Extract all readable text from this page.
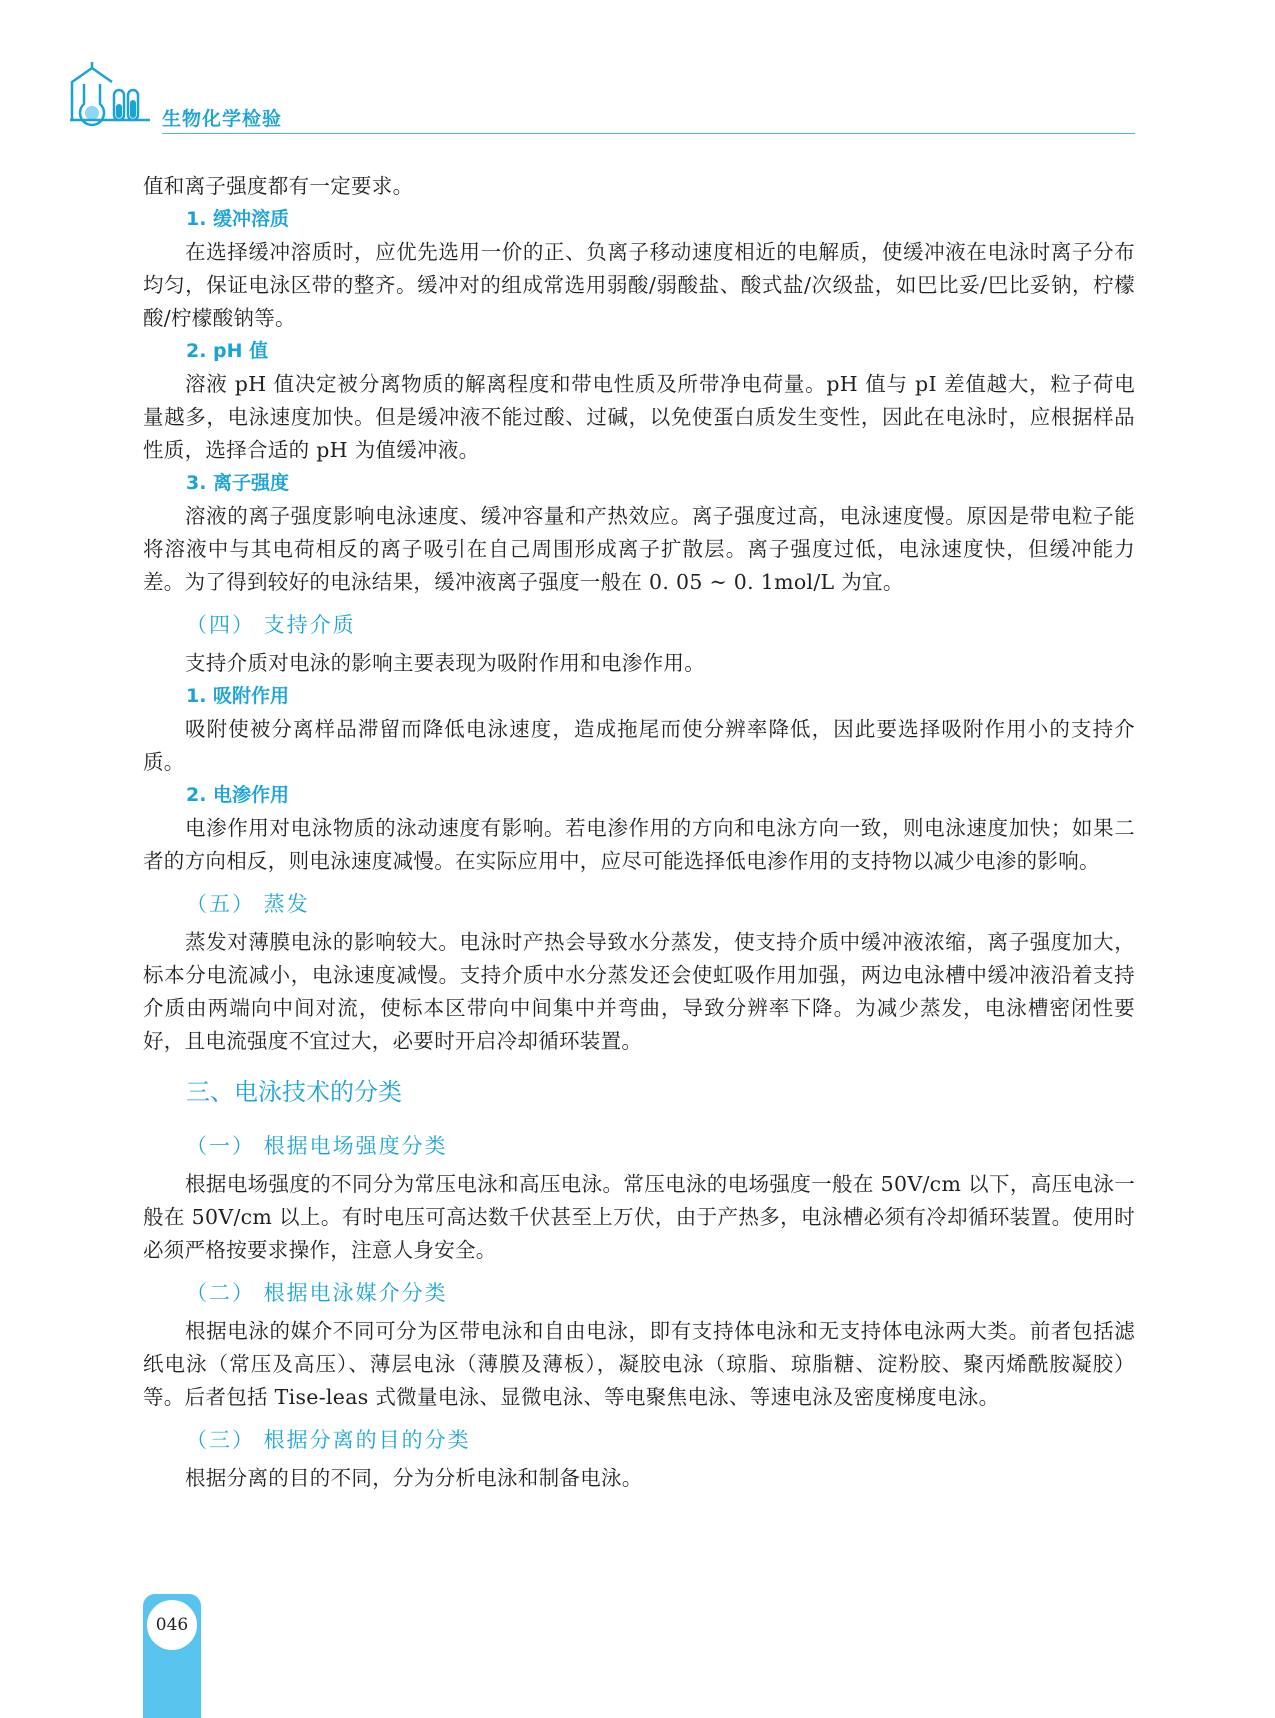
生物化学检验
值和离子强度都有一定要求。
1. 缓冲溶质
在选择缓冲溶质时，应优先选用一价的正、负离子移动速度相近的电解质，使缓冲液在电泳时离子分布均匀，保证电泳区带的整齐。缓冲对的组成常选用弱酸/弱酸盐、酸式盐/次级盐，如巴比妥/巴比妥钠，柠檬酸/柠檬酸钠等。
2. pH 值
溶液 pH 值决定被分离物质的解离程度和带电性质及所带净电荷量。pH 值与 pI 差值越大，粒子荷电量越多，电泳速度加快。但是缓冲液不能过酸、过碱，以免使蛋白质发生变性，因此在电泳时，应根据样品性质，选择合适的 pH 为值缓冲液。
3. 离子强度
溶液的离子强度影响电泳速度、缓冲容量和产热效应。离子强度过高，电泳速度慢。原因是带电粒子能将溶液中与其电荷相反的离子吸引在自己周围形成离子扩散层。离子强度过低，电泳速度快，但缓冲能力差。为了得到较好的电泳结果，缓冲液离子强度一般在 0. 05 ~ 0. 1mol/L 为宜。
（四） 支持介质
支持介质对电泳的影响主要表现为吸附作用和电渗作用。
1. 吸附作用
吸附使被分离样品滞留而降低电泳速度，造成拖尾而使分辨率降低，因此要选择吸附作用小的支持介质。
2. 电渗作用
电渗作用对电泳物质的泳动速度有影响。若电渗作用的方向和电泳方向一致，则电泳速度加快；如果二者的方向相反，则电泳速度减慢。在实际应用中，应尽可能选择低电渗作用的支持物以减少电渗的影响。
（五） 蒸发
蒸发对薄膜电泳的影响较大。电泳时产热会导致水分蒸发，使支持介质中缓冲液浓缩，离子强度加大，标本分电流减小，电泳速度减慢。支持介质中水分蒸发还会使虹吸作用加强，两边电泳槽中缓冲液沿着支持介质由两端向中间对流，使标本区带向中间集中并弯曲，导致分辨率下降。为减少蒸发，电泳槽密闭性要好，且电流强度不宜过大，必要时开启冷却循环装置。
三、电泳技术的分类
（一） 根据电场强度分类
根据电场强度的不同分为常压电泳和高压电泳。常压电泳的电场强度一般在 50V/cm 以下，高压电泳一般在 50V/cm 以上。有时电压可高达数千伏甚至上万伏，由于产热多，电泳槽必须有冷却循环装置。使用时必须严格按要求操作，注意人身安全。
（二） 根据电泳媒介分类
根据电泳的媒介不同可分为区带电泳和自由电泳，即有支持体电泳和无支持体电泳两大类。前者包括滤纸电泳（常压及高压）、薄层电泳（薄膜及薄板），凝胶电泳（琼脂、琼脂糖、淀粉胶、聚丙烯酰胺凝胶）等。后者包括 Tise-leas 式微量电泳、显微电泳、等电聚焦电泳、等速电泳及密度梯度电泳。
（三） 根据分离的目的分类
根据分离的目的不同，分为分析电泳和制备电泳。
046
